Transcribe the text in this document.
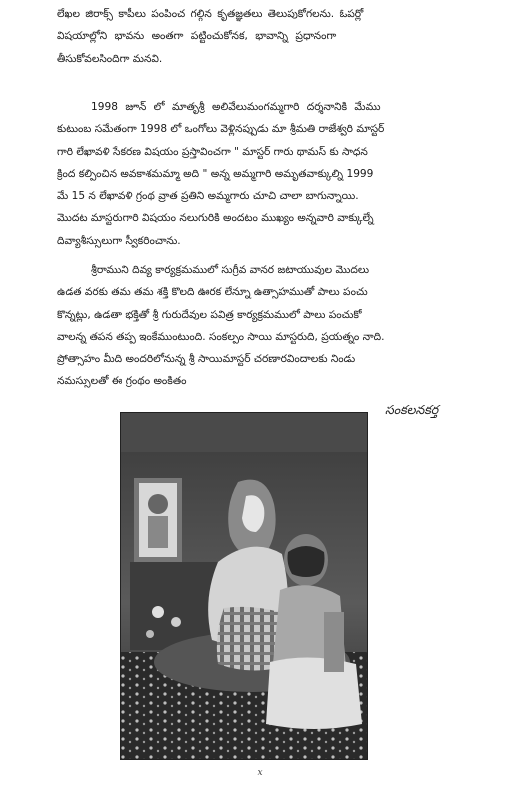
లేఖల జిరాక్స్ కాపీలు పంపించ గల్గిన కృతజ్ఞతలు తెలుపుకోగలను. ఓపర్లో
విషయాల్లోని భావను అంతగా పట్టించుకోనక, భావాన్ని ప్రధానంగా
తీసుకోవలసిందిగా మనవి.
1998 జూన్ లో మాతృశ్రీ అలివేలుమంగమ్మగారి దర్శనానికి మేము
కుటుంబ సమేతంగా 1998 లో ఒంగోలు వెళ్లినప్పుడు మా శ్రీమతి రాజేశ్వరి మాస్టర్
గారి లేఖావళి సేకరణ విషయం ప్రస్తావించగా " మాస్టర్ గారు థామస్ కు సాధన
క్రింద కల్పించిన అవకాశమమ్మా అది " అన్న అమ్మగారి అమృతవాక్కుల్ని 1999
మే 15 న లేఖావళి గ్రంథ వ్రాత ప్రతిని అమ్మగారు చూచి చాలా బాగున్నాయి.
మొదట మాస్టరుగారి విషయం నలుగురికి అందటం ముఖ్యం అన్నవారి వాక్కుల్నే
దివ్యాశీస్సులుగా స్వీకరించాను.
శ్రీరాముని దివ్య కార్యక్రమములో సుగ్రీవ వానర జటాయువుల మొదలు
ఉడత వరకు తమ తమ శక్తి కొలది ఊరక లేన్నూ ఉత్సాహముతో పాలు పంచు
కొన్నట్లు, ఉడతా భక్తితో శ్రీ గురుదేవుల పవిత్ర కార్యక్రమములో పాలు పంచుకో
వాలన్న తపన తప్ప ఇంకేముంటుంది. సంకల్పం సాయి మాస్టరుది, ప్రయత్నం నాది.
ప్రోత్సాహం మీది అందరిలోనున్న శ్రీ సాయిమాస్టర్ చరణారవిందాలకు నిండు
నమస్సులతో ఈ గ్రంథం అంకితం
సంకలనకర్త
x
